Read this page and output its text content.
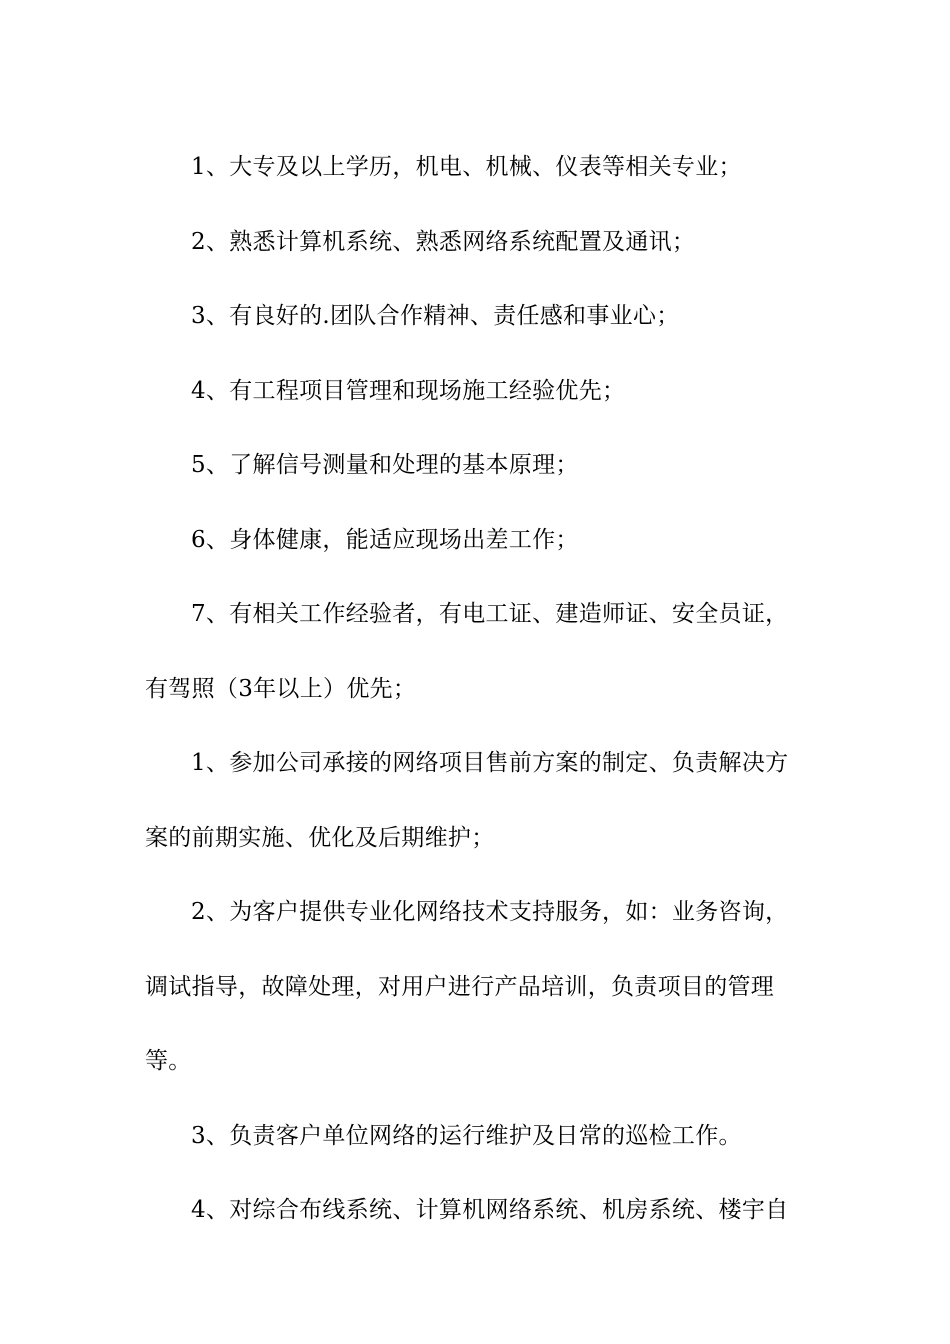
1、大专及以上学历，机电、机械、仪表等相关专业；

2、熟悉计算机系统、熟悉网络系统配置及通讯；

3、有良好的.团队合作精神、责任感和事业心；

4、有工程项目管理和现场施工经验优先；

5、了解信号测量和处理的基本原理；

6、身体健康，能适应现场出差工作；

7、有相关工作经验者，有电工证、建造师证、安全员证，有驾照（3年以上）优先；

1、参加公司承接的网络项目售前方案的制定、负责解决方案的前期实施、优化及后期维护；

2、为客户提供专业化网络技术支持服务，如：业务咨询，调试指导，故障处理，对用户进行产品培训，负责项目的管理等。

3、负责客户单位网络的运行维护及日常的巡检工作。

4、对综合布线系统、计算机网络系统、机房系统、楼宇自
